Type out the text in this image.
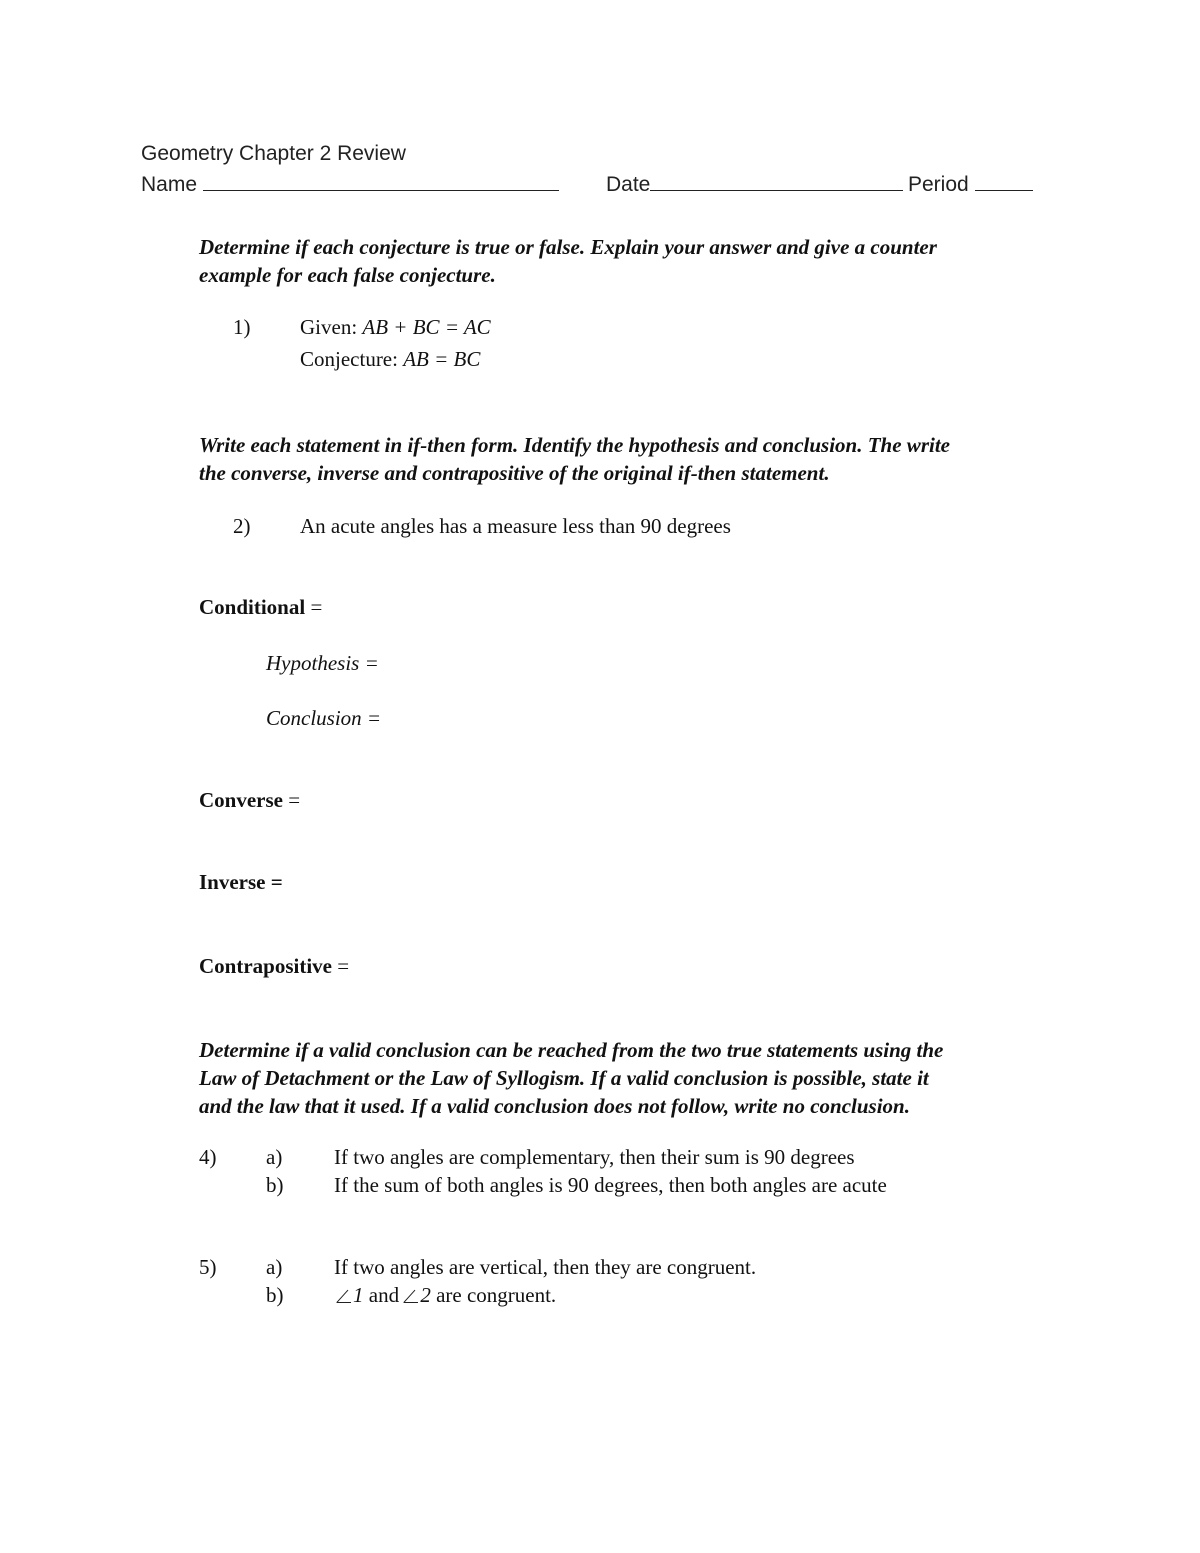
Geometry Chapter 2 Review
Name	Date	Period
Determine if each conjecture is true or false. Explain your answer and give a counter
example for each false conjecture.
1) Given: AB + BC = AC
Conjecture: AB = BC
Write each statement in if-then form. Identify the hypothesis and conclusion. The write
the converse, inverse and contrapositive of the original if-then statement.
2) An acute angles has a measure less than 90 degrees
Conditional =
Hypothesis =
Conclusion =
Converse =
Inverse =
Contrapositive =
Determine if a valid conclusion can be reached from the two true statements using the
Law of Detachment or the Law of Syllogism. If a valid conclusion is possible, state it
and the law that it used. If a valid conclusion does not follow, write no conclusion.
4) a) If two angles are complementary, then their sum is 90 degrees
b) If the sum of both angles is 90 degrees, then both angles are acute
5) a) If two angles are vertical, then they are congruent.
b)	1 and 2 are congruent.
